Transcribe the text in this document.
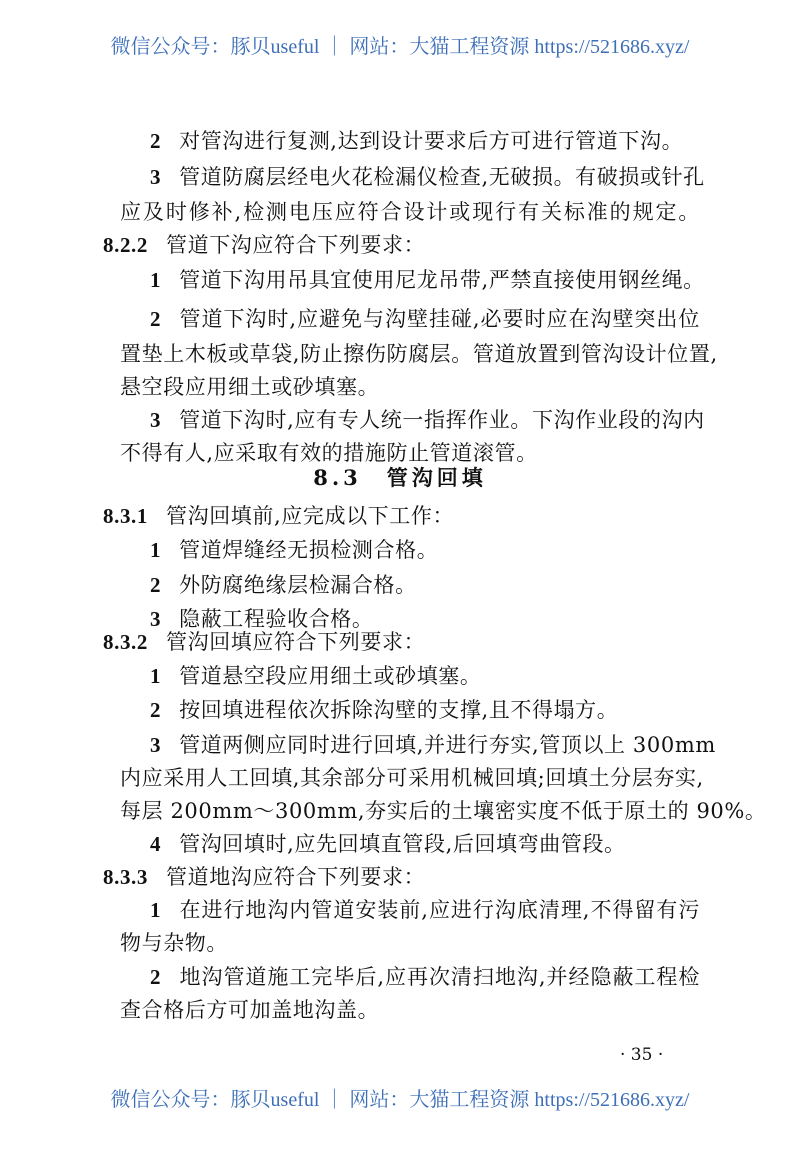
微信公众号：豚贝useful ｜ 网站：大猫工程资源 https://521686.xyz/
2 对管沟进行复测,达到设计要求后方可进行管道下沟。
3 管道防腐层经电火花检漏仪检查,无破损。有破损或针孔
应及时修补,检测电压应符合设计或现行有关标准的规定。
8.2.2 管道下沟应符合下列要求：
1 管道下沟用吊具宜使用尼龙吊带,严禁直接使用钢丝绳。
2 管道下沟时,应避免与沟壁挂碰,必要时应在沟壁突出位
置垫上木板或草袋,防止擦伤防腐层。管道放置到管沟设计位置,
悬空段应用细土或砂填塞。
3 管道下沟时,应有专人统一指挥作业。下沟作业段的沟内
不得有人,应采取有效的措施防止管道滚管。
8.3.1 管沟回填前,应完成以下工作：
1 管道焊缝经无损检测合格。
2 外防腐绝缘层检漏合格。
3 隐蔽工程验收合格。
8.3.2 管沟回填应符合下列要求：
1 管道悬空段应用细土或砂填塞。
2 按回填进程依次拆除沟壁的支撑,且不得塌方。
3 管道两侧应同时进行回填,并进行夯实,管顶以上 300mm
内应采用人工回填,其余部分可采用机械回填;回填土分层夯实,
每层 200mm～300mm,夯实后的土壤密实度不低于原土的 90%。
4 管沟回填时,应先回填直管段,后回填弯曲管段。
8.3.3 管道地沟应符合下列要求：
1 在进行地沟内管道安装前,应进行沟底清理,不得留有污
物与杂物。
2 地沟管道施工完毕后,应再次清扫地沟,并经隐蔽工程检
查合格后方可加盖地沟盖。
8.3　管沟回填
· 35 ·
微信公众号：豚贝useful ｜ 网站：大猫工程资源 https://521686.xyz/
